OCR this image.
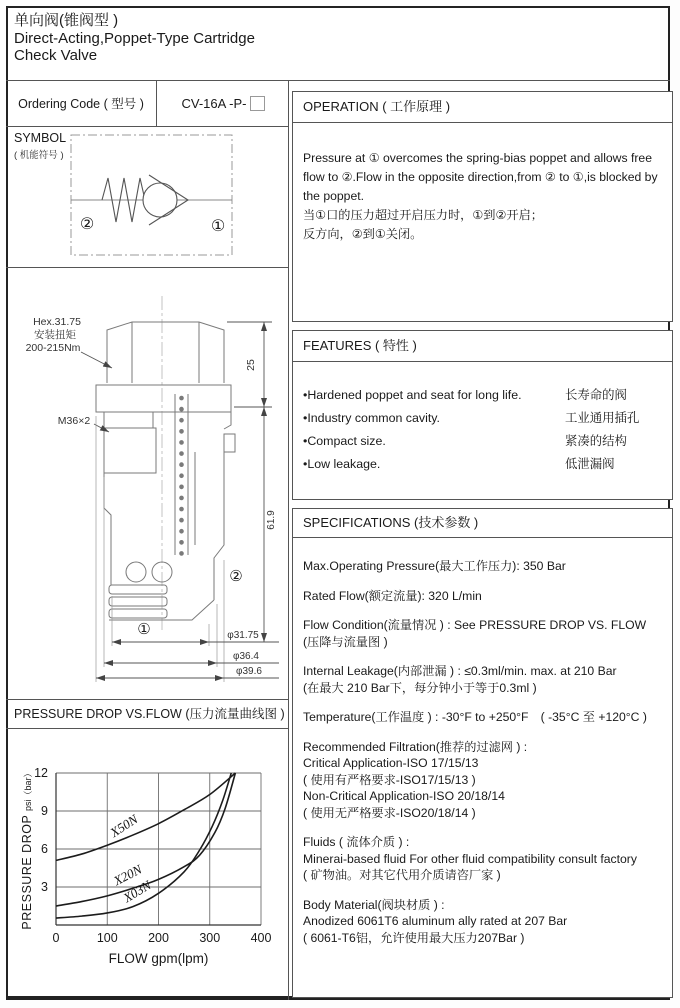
单向阀(锥阀型 )
Direct-Acting,Poppet-Type Cartridge
Check Valve
Ordering Code ( 型号 )	CV-16A -P-
SYMBOL
( 机能符号 )
②	①
Hex.31.75
安装扭矩
200-215Nm
M36×2
25
61.9
φ31.75
φ36.4
φ39.6
②
①
PRESSURE DROP VS.FLOW (压力流量曲线图 )
PRESSURE DROP psi（bar）
X50N
X20N
X03N
3
6
9
12
0	100 200 300 400
FLOW gpm(lpm)
OPERATION ( 工作原理 )
Pressure at ① overcomes the spring-bias poppet and allows free flow to ②.Flow in the opposite direction,from ② to ①,is blocked by the poppet.
当①口的压力超过开启压力时，①到②开启；
反方向，②到①关闭。
FEATURES ( 特性 )
•Hardened poppet and seat for long life.	长寿命的阀
•Industry common cavity.	工业通用插孔
•Compact size.	紧凑的结构
•Low leakage.	低泄漏阀
SPECIFICATIONS (技术参数 )
Max.Operating Pressure(最大工作压力): 350 Bar
Rated Flow(额定流量): 320 L/min
Flow Condition(流量情况 ) : See PRESSURE DROP VS. FLOW
(压降与流量图 )
Internal Leakage(内部泄漏 ) : ≤0.3ml/min. max. at 210 Bar
(在最大 210 Bar下，每分钟小于等于0.3ml )
Temperature(工作温度 ) : -30°F to +250°F　( -35°C 至 +120°C )
Recommended Filtration(推荐的过滤网 ) :
Critical Application-ISO 17/15/13
( 使用有严格要求-ISO17/15/13 )
Non-Critical Application-ISO 20/18/14
( 使用无严格要求-ISO20/18/14 )
Fluids ( 流体介质 ) :
Minerai-based fluid For other fluid compatibility consult factory
( 矿物油。对其它代用介质请咨厂家 )
Body Material(阀块材质 ) :
Anodized 6061T6 aluminum ally rated at 207 Bar
( 6061-T6铝，允许使用最大压力207Bar )
